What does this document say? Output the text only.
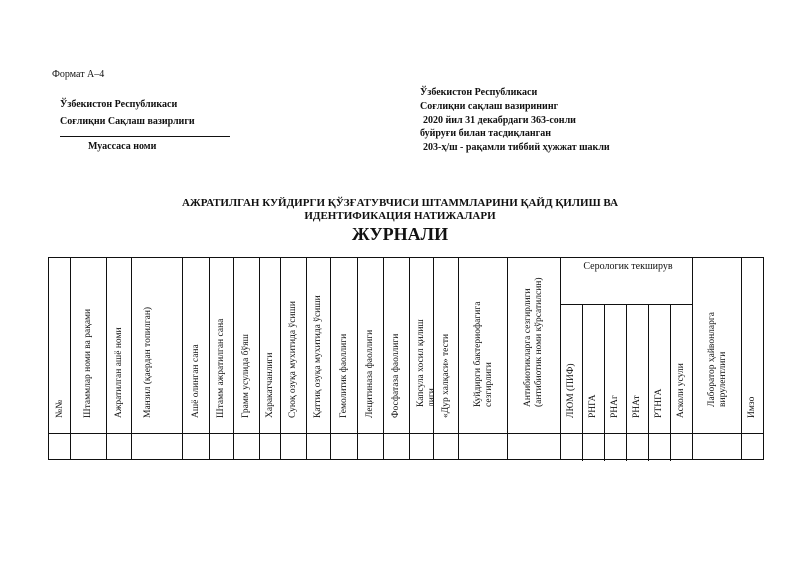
Формат А–4
Ўзбекистон Республикаси
Соғлиқни Сақлаш вазирлиги
Муассаса номи
Ўзбекистон Республикаси
Соғлиқни сақлаш вазирининг
2020 йил 31 декабрдаги 363-сонли
буйруғи билан тасдиқланган
203-ҳ/ш - рақамли тиббий ҳужжат шакли
АЖРАТИЛГАН КУЙДИРГИ ҚЎЗҒАТУВЧИСИ ШТАММЛАРИНИ ҚАЙД ҚИЛИШ ВА
ИДЕНТИФИКАЦИЯ НАТИЖАЛАРИ
ЖУРНАЛИ
№№ Штаммлар номи ва рақами Ажратилган ашё номи Манзил (қаердан топилган)	Ашё олинган сана Штамм ажратилган сана Грамм усулида бўяш Харакатчанлиги Суюқ озуқа мухитида ўсиши Қаттиқ озуқа мухитида ўсиши Гемолитик фаоллиги Лецитиназа фаоллиги Фосфатаза фаоллиги Капсула хосил қилиш
лиги «Дур халқаси» тести Куйдирги бактериофагига
сезгирлиги	Антибиотикларга сезгирлиги
(антибиотик номи кўрсатилсин)
Серологик текширув
ЛЮМ (ПИФ) РНГА РНАг РНАт РТНГА Асколи усули Лаборатор ҳайвонларга
вирулентлиги
Имзо
